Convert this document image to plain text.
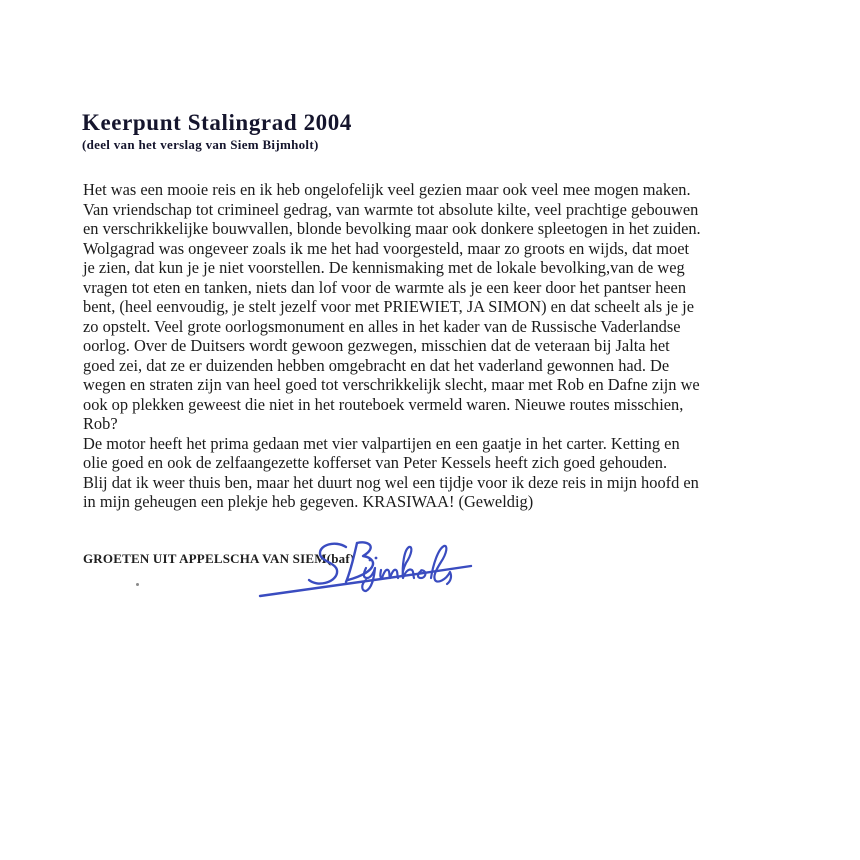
Keerpunt Stalingrad 2004
(deel van het verslag van Siem Bijmholt)
Het was een mooie reis en ik heb ongelofelijk veel gezien maar ook veel mee mogen maken.
Van vriendschap tot crimineel gedrag, van warmte tot absolute kilte, veel prachtige gebouwen
en verschrikkelijke bouwvallen, blonde bevolking maar ook donkere spleetogen in het zuiden.
Wolgagrad was ongeveer zoals ik me het had voorgesteld, maar zo groots en wijds, dat moet
je zien, dat kun je je niet voorstellen. De kennismaking met de lokale bevolking,van de weg
vragen tot eten en tanken, niets dan lof voor de warmte als je een keer door het pantser heen
bent, (heel eenvoudig, je stelt jezelf voor met PRIEWIET, JA SIMON) en dat scheelt als je je
zo opstelt. Veel grote oorlogsmonument en alles in het kader van de Russische Vaderlandse
oorlog. Over de Duitsers wordt gewoon gezwegen, misschien dat de veteraan bij Jalta het
goed zei, dat ze er duizenden hebben omgebracht en dat het vaderland gewonnen had. De
wegen en straten zijn van heel goed tot verschrikkelijk slecht, maar met Rob en Dafne zijn we
ook op plekken geweest die niet in het routeboek vermeld waren. Nieuwe routes misschien,
Rob?
De motor heeft het prima gedaan met vier valpartijen en een gaatje in het carter. Ketting en
olie goed en ook de zelfaangezette kofferset van Peter Kessels heeft zich goed gehouden.
Blij dat ik weer thuis ben, maar het duurt nog wel een tijdje voor ik deze reis in mijn hoofd en
in mijn geheugen een plekje heb gegeven. KRASIWAA! (Geweldig)
GROETEN UIT APPELSCHA VAN SIEM(baf)
